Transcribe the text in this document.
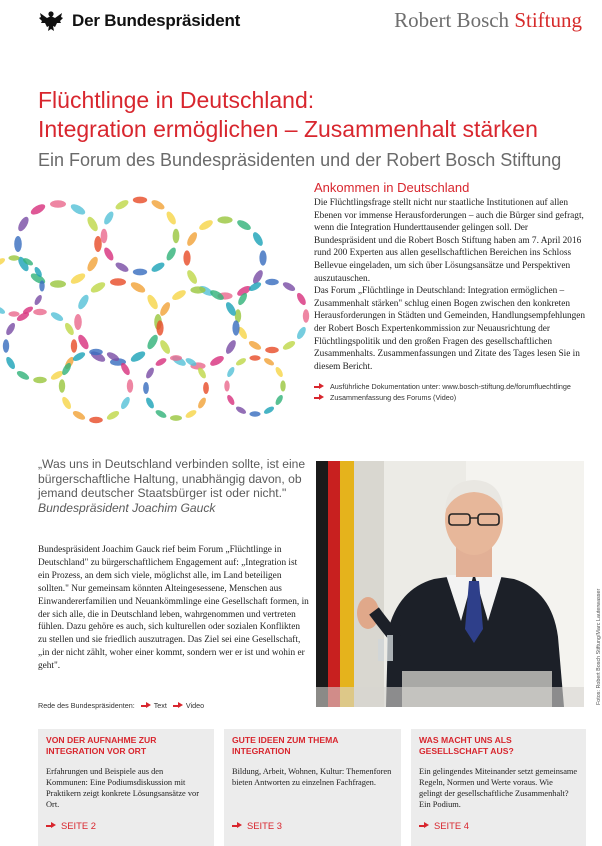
Der Bundespräsident	Robert Bosch Stiftung
Flüchtlinge in Deutschland:
Integration ermöglichen – Zusammenhalt stärken
Ein Forum des Bundespräsidenten und der Robert Bosch Stiftung
Ankommen in Deutschland

Die Flüchtlingsfrage stellt nicht nur staatliche Institutionen auf allen Ebenen vor immense Herausforderungen – auch die Bürger sind gefragt, wenn die Integration Hunderttausender gelingen soll. Der Bundespräsident und die Robert Bosch Stiftung haben am 7. April 2016 rund 200 Experten aus allen gesellschaftlichen Bereichen ins Schloss Bellevue eingeladen, um sich über Lösungsansätze und Perspektiven auszutauschen.

Das Forum „Flüchtlinge in Deutschland: Integration ermöglichen – Zusammenhalt stärken" schlug einen Bogen zwischen den konkreten Herausforderungen in Städten und Gemeinden, Handlungsempfehlungen der Robert Bosch Expertenkommission zur Neuausrichtung der Flüchtlingspolitik und den großen Fragen des gesellschaftlichen Zusammenhalts. Zusammenfassungen und Zitate des Tages lesen Sie in diesem Bericht.

Ausführliche Dokumentation unter: www.bosch-stiftung.de/forumfluechtlinge
Zusammenfassung des Forums (Video)
„Was uns in Deutschland verbinden sollte, ist eine bürgerschaftliche Haltung, unabhängig davon, ob jemand deutscher Staatsbürger ist oder nicht."
Bundespräsident Joachim Gauck
Bundespräsident Joachim Gauck rief beim Forum „Flüchtlinge in Deutschland" zu bürgerschaftlichem Engagement auf: „Integration ist ein Prozess, an dem sich viele, möglichst alle, im Land beteiligen sollten." Nur gemeinsam könnten Alteingesessene, Menschen aus Einwandererfamilien und Neuankömmlinge eine Gesellschaft formen, in der sich alle, die in Deutschland leben, wahrgenommen und vertreten fühlen. Dazu gehöre es auch, sich kulturellen oder sozialen Konflikten zu stellen und sie friedlich auszutragen. Das Ziel sei eine Gesellschaft, „in der nicht zählt, woher einer kommt, sondern wer er ist und wohin er geht".
Rede des Bundespräsidenten:	Text	Video
Fotos: Robert Bosch Stiftung/Marc Lauterwasser
VON DER AUFNAHME ZUR INTEGRATION VOR ORT

Erfahrungen und Beispiele aus den Kommunen: Eine Podiumsdiskussion mit Praktikern zeigt konkrete Lösungsansätze vor Ort.

SEITE 2
GUTE IDEEN ZUM THEMA INTEGRATION

Bildung, Arbeit, Wohnen, Kultur: Themenforen bieten Antworten zu einzelnen Fachfragen.

SEITE 3
WAS MACHT UNS ALS GESELLSCHAFT AUS?

Ein gelingendes Miteinander setzt gemeinsame Regeln, Normen und Werte voraus. Wie gelingt der gesellschaftliche Zusammenhalt? Ein Podium.

SEITE 4
